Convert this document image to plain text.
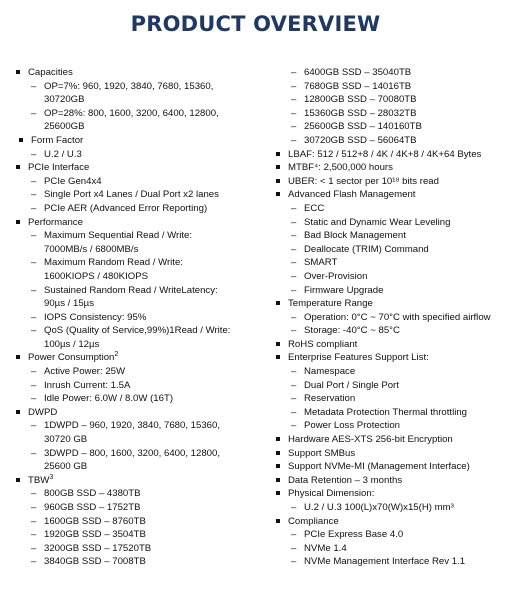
PRODUCT OVERVIEW
Capacities
– OP=7%: 960, 1920, 3840, 7680, 15360,
30720GB
– OP=28%: 800, 1600, 3200, 6400, 12800,
25600GB
Form Factor
– U.2 / U.3
PCIe Interface
– PCIe Gen4x4
– Single Port x4 Lanes / Dual Port x2 lanes
– PCIe AER (Advanced Error Reporting)
Performance
– Maximum Sequential Read / Write:
7000MB/s / 6800MB/s
– Maximum Random Read / Write:
1600KIOPS / 480KIOPS
– Sustained Random Read / WriteLatency:
90µs / 15µs
– IOPS Consistency: 95%
– QoS (Quality of Service,99%)1Read / Write:
100µs / 12µs
Power Consumption$^2$
– Active Power: 25W
– Inrush Current: 1.5A
– Idle Power: 6.0W / 8.0W (16T)
DWPD
– 1DWPD – 960, 1920, 3840, 7680, 15360,
30720 GB
– 3DWPD – 800, 1600, 3200, 6400, 12800,
25600 GB
TBW$^3$
– 800GB SSD – 4380TB
– 960GB SSD – 1752TB
– 1600GB SSD – 8760TB
– 1920GB SSD – 3504TB
– 3200GB SSD – 17520TB
– 3840GB SSD – 7008TB
– 6400GB SSD – 35040TB
– 7680GB SSD – 14016TB
– 12800GB SSD – 70080TB
– 15360GB SSD – 28032TB
– 25600GB SSD – 140160TB
– 30720GB SSD – 56064TB
LBAF: 512 / 512+8 / 4K / 4K+8 / 4K+64 Bytes
MTBF⁴: 2,500,000 hours
UBER: < 1 sector per 10¹⁸ bits read
Advanced Flash Management
– ECC
– Static and Dynamic Wear Leveling
– Bad Block Management
– Deallocate (TRIM) Command
– SMART
– Over-Provision
– Firmware Upgrade
Temperature Range
– Operation: 0°C ~ 70°C with specified airflow
– Storage: -40°C ~ 85°C
RoHS compliant
Enterprise Features Support List:
– Namespace
– Dual Port / Single Port
– Reservation
– Metadata Protection Thermal throttling
– Power Loss Protection
Hardware AES-XTS 256-bit Encryption
Support SMBus
Support NVMe-MI (Management Interface)
Data Retention – 3 months
Physical Dimension:
– U.2 / U.3 100(L)x70(W)x15(H) mm³
Compliance
– PCIe Express Base 4.0
– NVMe 1.4
– NVMe Management Interface Rev 1.1
